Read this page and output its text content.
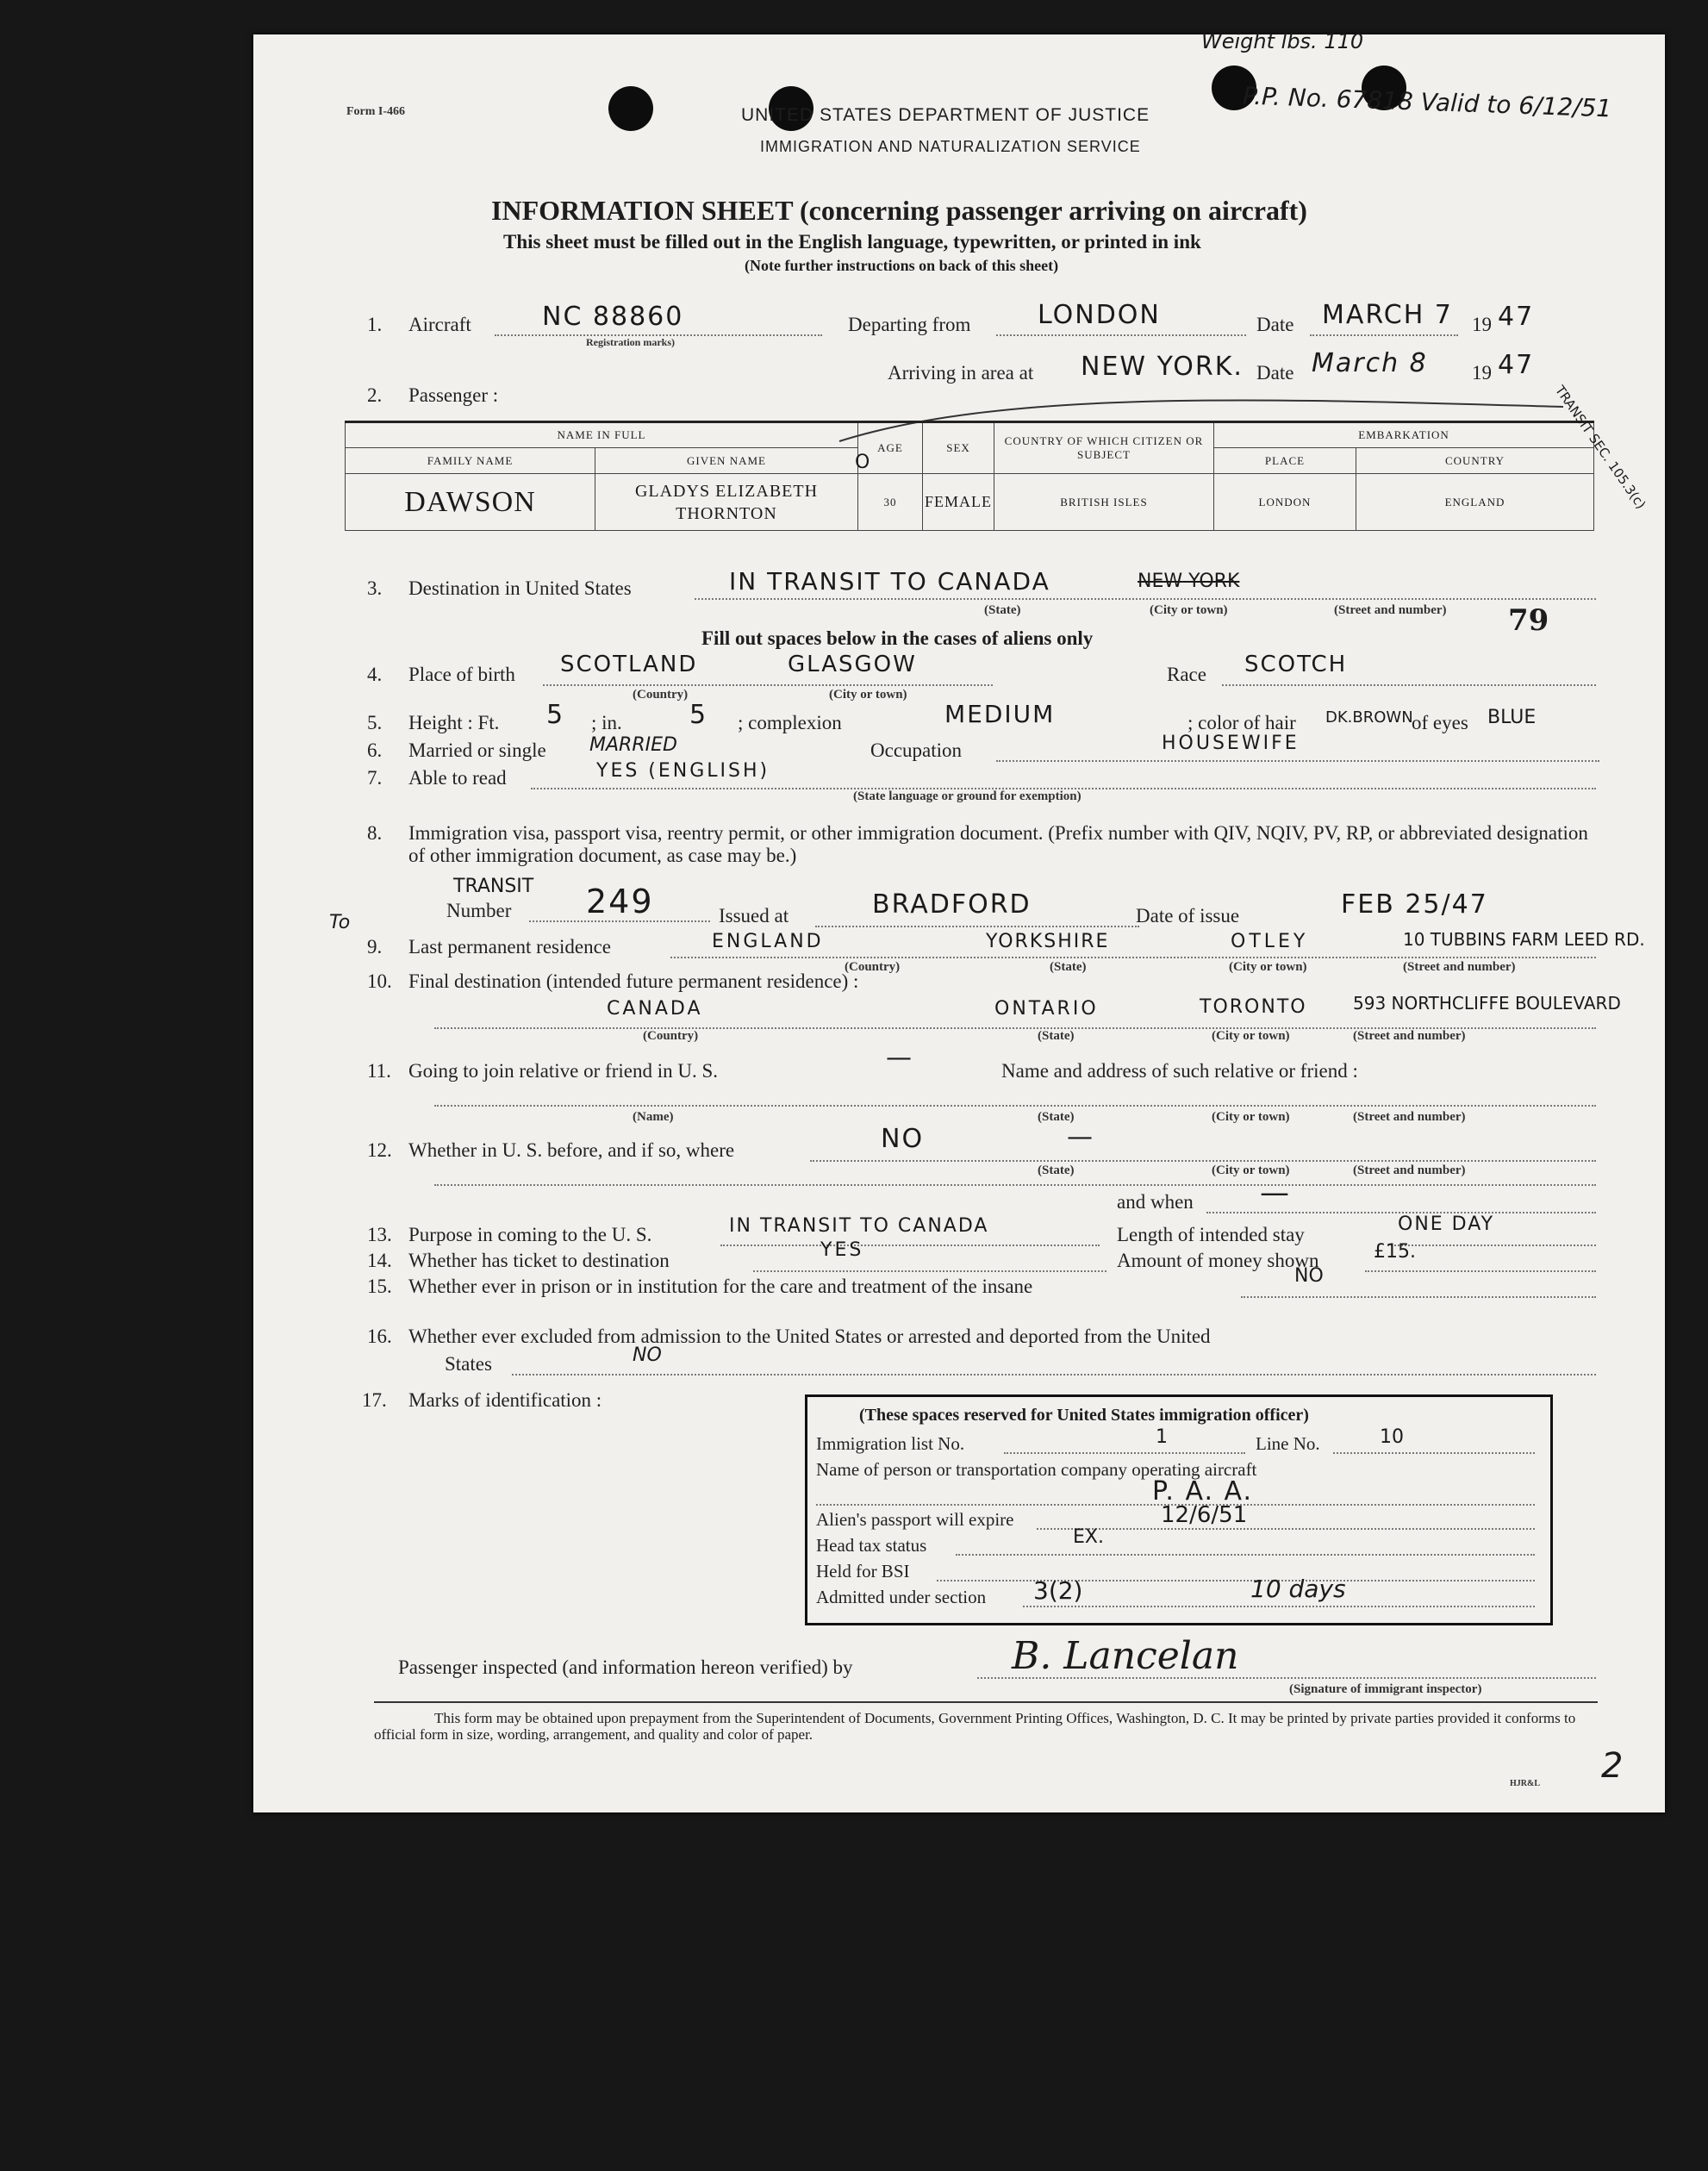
Form I-466	UNITED STATES DEPARTMENT OF JUSTICE
IMMIGRATION AND NATURALIZATION SERVICE
Weight lbs. 110
P.P. No. 67818 Valid to 6/12/51
INFORMATION SHEET (concerning passenger arriving on aircraft)
This sheet must be filled out in the English language, typewritten, or printed in ink
(Note further instructions on back of this sheet)
1. Aircraft	NC 88860
Registration marks)
Departing from	LONDON	Date MARCH 7 19 47
Arriving in area at NEW YORK. Date March 8 19 47
2. Passenger :
NAME IN FULL		AGE	SEX	COUNTRY OF WHICH CITIZEN OR SUBJECT	EMBARKATION	
FAMILY NAME	GIVEN NAME				PLACE	COUNTRY
DAWSON	GLADYS ELIZABETH THORNTON	30	FEMALE	BRITISH ISLES	LONDON	ENGLAND
O	TRANSIT SEC. 105.3(c)
3. Destination in United States	IN TRANSIT TO CANADA	NEW YORK
(State)	(City or town)	(Street and number) 79
Fill out spaces below in the cases of aliens only
4. Place of birth SCOTLAND	GLASGOW
(Country)	(City or town)
Race SCOTCH
5. Height : Ft. 5 ; in.	5 ; complexion	MEDIUM	; color of hair DK.BROWN
of eyes BLUE
6. Married or single MARRIED	Occupation	HOUSEWIFE
7. Able to read	YES (ENGLISH)
(State language or ground for exemption)
8. Immigration visa, passport visa, reentry permit, or other immigration document. (Prefix number with QIV, NQIV, PV, RP, or abbreviated designation of other immigration document, as case may be.)
TRANSIT
To
Number 249	Issued at	BRADFORD	Date of issue	FEB 25/47
9. Last permanent residence	ENGLAND	YORKSHIRE	OTLEY	10 TUBBINS FARM LEED RD.
(Country)	(State)	(City or town)	(Street and number)
10. Final destination (intended future permanent residence) :
CANADA	ONTARIO	TORONTO	593 NORTHCLIFFE BOULEVARD
(Country)	(State)	(City or town)	(Street and number)
11. Going to join relative or friend in U. S.	—	Name and address of such relative or friend :
(Name)	(State)	(City or town)	(Street and number)
12. Whether in U. S. before, and if so, where	NO	—
(State)	(City or town)	(Street and number)
and when —
13. Purpose in coming to the U. S.	IN TRANSIT TO CANADA	Length of intended stay	ONE DAY
14. Whether has ticket to destination	YES	Amount of money shown	£15.
15. Whether ever in prison or in institution for the care and treatment of the insane	NO
16. Whether ever excluded from admission to the United States or arrested and deported from the United
States	NO
17. Marks of identification :
(These spaces reserved for United States immigration officer)
Immigration list No.	1	Line No.	10
Name of person or transportation company operating aircraft
P. A. A.
Alien's passport will expire	12/6/51
Head tax status	EX.
Held for BSI
Admitted under section 3(2)	10 days
Passenger inspected (and information hereon verified) by	B. Lancelan
(Signature of immigrant inspector)
This form may be obtained upon prepayment from the Superintendent of Documents, Government Printing Offices, Washington, D. C. It may be printed by private parties provided it conforms to official form in size, wording, arrangement, and quality and color of paper.
HJR&L 2
